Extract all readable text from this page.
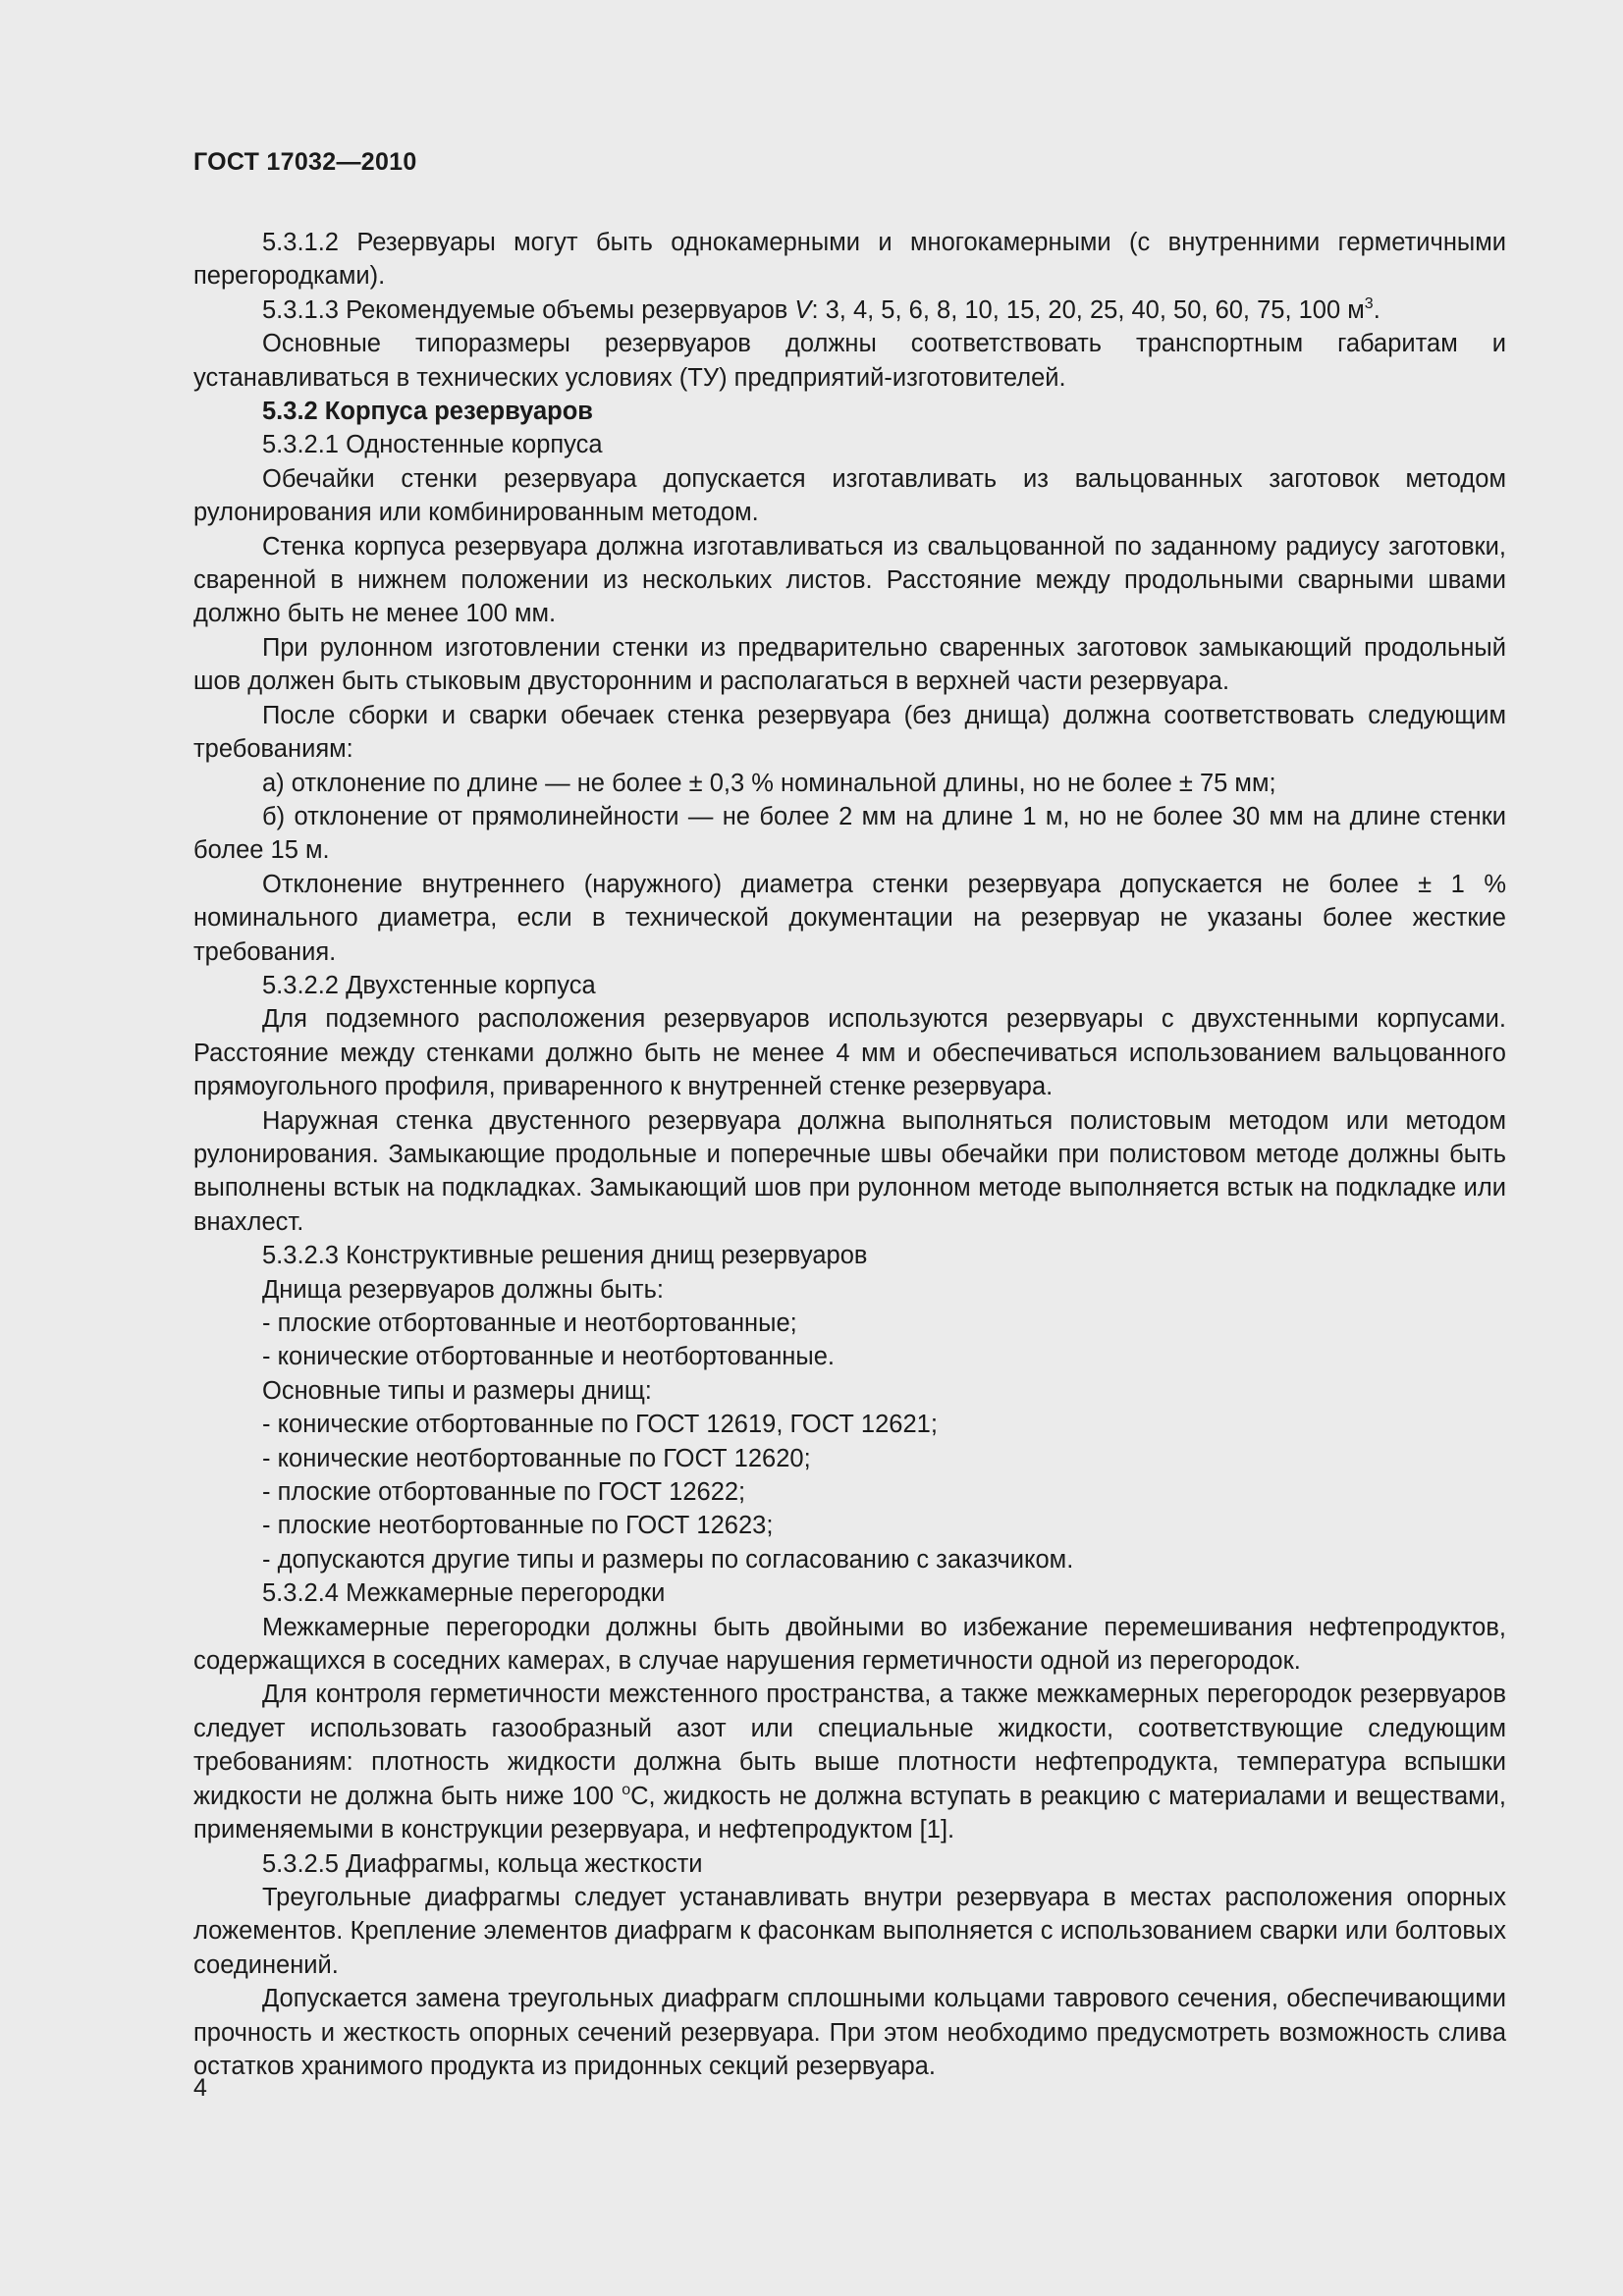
ГОСТ 17032—2010

5.3.1.2 Резервуары могут быть однокамерными и многокамерными (с внутренними герметичными перегородками).

5.3.1.3 Рекомендуемые объемы резервуаров V: 3, 4, 5, 6, 8, 10, 15, 20, 25, 40, 50, 60, 75, 100 $м^3$.

Основные типоразмеры резервуаров должны соответствовать транспортным габаритам и устанавливаться в технических условиях (ТУ) предприятий-изготовителей.

5.3.2 Корпуса резервуаров

5.3.2.1 Одностенные корпуса

Обечайки стенки резервуара допускается изготавливать из вальцованных заготовок методом рулонирования или комбинированным методом.

Стенка корпуса резервуара должна изготавливаться из свальцованной по заданному радиусу заготовки, сваренной в нижнем положении из нескольких листов. Расстояние между продольными сварными швами должно быть не менее 100 мм.

При рулонном изготовлении стенки из предварительно сваренных заготовок замыкающий продольный шов должен быть стыковым двусторонним и располагаться в верхней части резервуара.

После сборки и сварки обечаек стенка резервуара (без днища) должна соответствовать следующим требованиям:

а) отклонение по длине — не более ± 0,3 % номинальной длины, но не более ± 75 мм;

б) отклонение от прямолинейности — не более 2 мм на длине 1 м, но не более 30 мм на длине стенки более 15 м.

Отклонение внутреннего (наружного) диаметра стенки резервуара допускается не более ± 1 % номинального диаметра, если в технической документации на резервуар не указаны более жесткие требования.

5.3.2.2 Двухстенные корпуса

Для подземного расположения резервуаров используются резервуары с двухстенными корпусами. Расстояние между стенками должно быть не менее 4 мм и обеспечиваться использованием вальцованного прямоугольного профиля, приваренного к внутренней стенке резервуара.

Наружная стенка двустенного резервуара должна выполняться полистовым методом или методом рулонирования. Замыкающие продольные и поперечные швы обечайки при полистовом методе должны быть выполнены встык на подкладках. Замыкающий шов при рулонном методе выполняется встык на подкладке или внахлест.

5.3.2.3 Конструктивные решения днищ резервуаров

Днища резервуаров должны быть:

- плоские отбортованные и неотбортованные;

- конические отбортованные и неотбортованные.

Основные типы и размеры днищ:

- конические отбортованные по ГОСТ 12619, ГОСТ 12621;

- конические неотбортованные по ГОСТ 12620;

- плоские отбортованные по ГОСТ 12622;

- плоские неотбортованные по ГОСТ 12623;

- допускаются другие типы и размеры по согласованию с заказчиком.

5.3.2.4 Межкамерные перегородки

Межкамерные перегородки должны быть двойными во избежание перемешивания нефтепродуктов, содержащихся в соседних камерах, в случае нарушения герметичности одной из перегородок.

Для контроля герметичности межстенного пространства, а также межкамерных перегородок резервуаров следует использовать газообразный азот или специальные жидкости, соответствующие следующим требованиям: плотность жидкости должна быть выше плотности нефтепродукта, температура вспышки жидкости не должна быть ниже 100 $^о$С, жидкость не должна вступать в реакцию с материалами и веществами, применяемыми в конструкции резервуара, и нефтепродуктом [1].

5.3.2.5 Диафрагмы, кольца жесткости

Треугольные диафрагмы следует устанавливать внутри резервуара в местах расположения опорных ложементов. Крепление элементов диафрагм к фасонкам выполняется с использованием сварки или болтовых соединений.

Допускается замена треугольных диафрагм сплошными кольцами таврового сечения, обеспечивающими прочность и жесткость опорных сечений резервуара. При этом необходимо предусмотреть возможность слива остатков хранимого продукта из придонных секций резервуара.

4
